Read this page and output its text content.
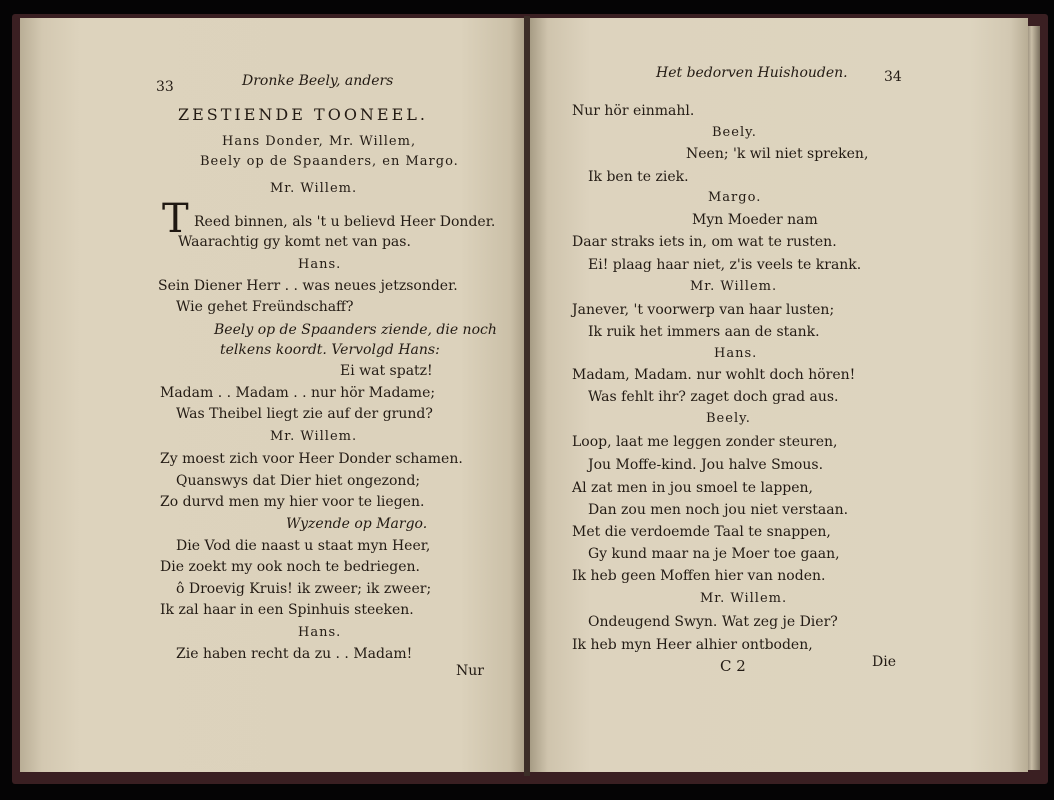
33	Dronke Beely, anders
ZESTIENDE TOONEEL.
Hans Donder, Mr. Willem,
Beely op de Spaanders, en Margo.
Mr. Willem.
T Reed binnen, als 't u believd Heer Donder.
Waarachtig gy komt net van pas.
Hans.
Sein Diener Herr . . was neues jetzsonder.
Wie gehet Freündschaff?
Beely op de Spaanders ziende, die noch
telkens koordt. Vervolgd Hans:
Ei wat spatz!
Madam . . Madam . . nur hör Madame;
Was Theibel liegt zie auf der grund?
Mr. Willem.
Zy moest zich voor Heer Donder schamen.
Quanswys dat Dier hiet ongezond;
Zo durvd men my hier voor te liegen.
Wyzende op Margo.
Die Vod die naast u staat myn Heer,
Die zoekt my ook noch te bedriegen.
ô Droevig Kruis! ik zweer; ik zweer;
Ik zal haar in een Spinhuis steeken.
Hans.
Zie haben recht da zu . . Madam!
Nur
Het bedorven Huishouden.	34
Nur hör einmahl.
Beely.
Neen; 'k wil niet spreken,
Ik ben te ziek.
Margo.
Myn Moeder nam
Daar straks iets in, om wat te rusten.
Ei! plaag haar niet, z'is veels te krank.
Mr. Willem.
Janever, 't voorwerp van haar lusten;
Ik ruik het immers aan de stank.
Hans.
Madam, Madam. nur wohlt doch hören!
Was fehlt ihr? zaget doch grad aus.
Beely.
Loop, laat me leggen zonder steuren,
Jou Moffe-kind. Jou halve Smous.
Al zat men in jou smoel te lappen,
Dan zou men noch jou niet verstaan.
Met die verdoemde Taal te snappen,
Gy kund maar na je Moer toe gaan,
Ik heb geen Moffen hier van noden.
Mr. Willem.
Ondeugend Swyn. Wat zeg je Dier?
Ik heb myn Heer alhier ontboden,
C 2	Die
